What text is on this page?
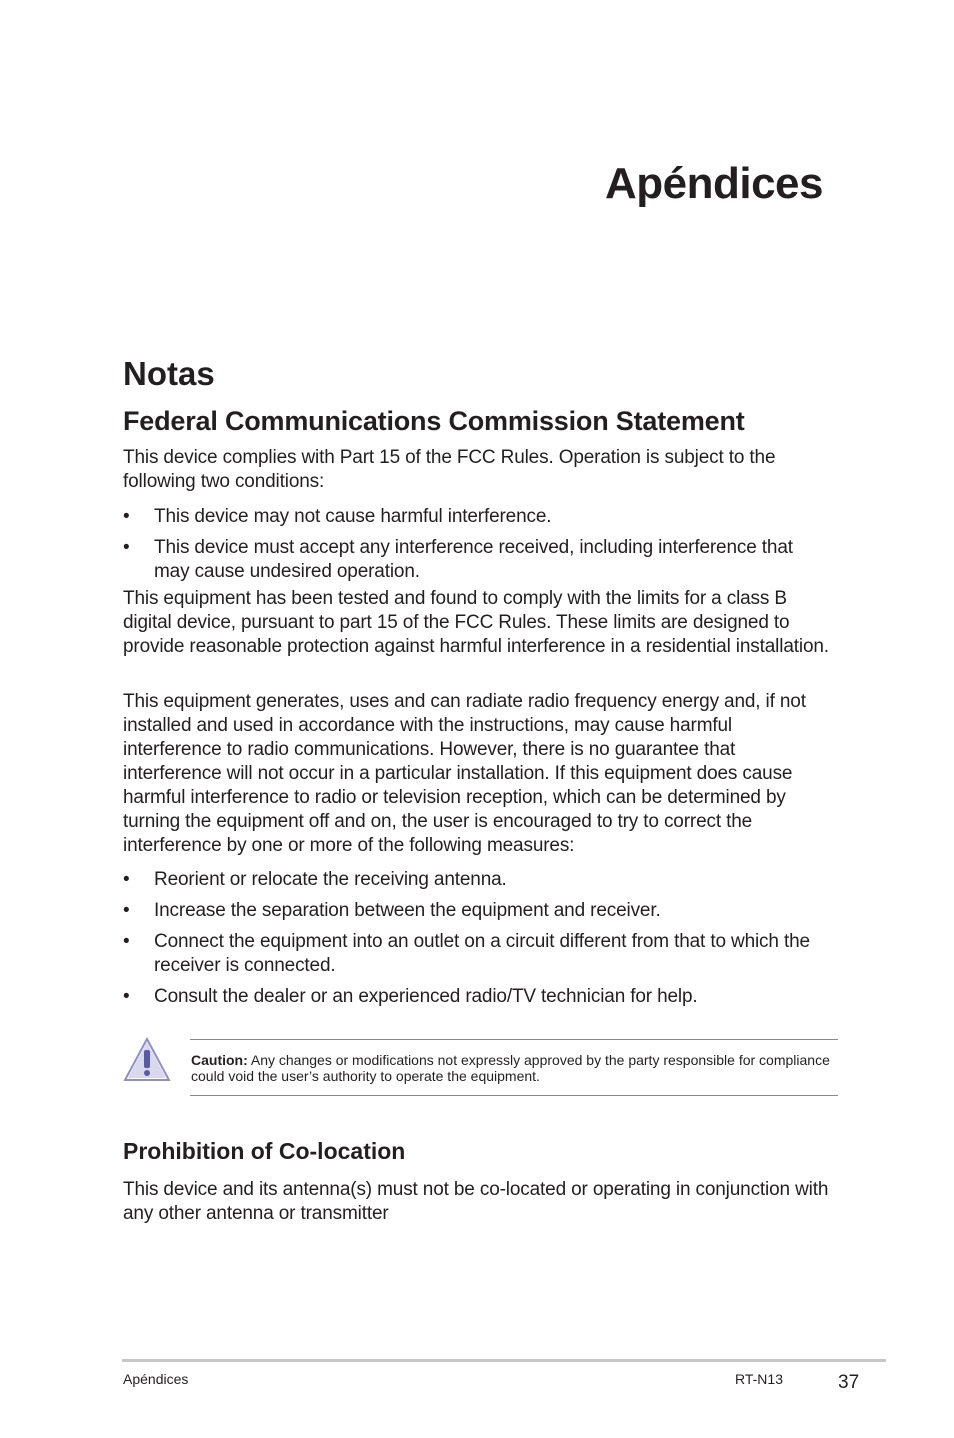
Apéndices
Notas
Federal Communications Commission Statement

This device complies with Part 15 of the FCC Rules. Operation is subject to the following two conditions:

• This device may not cause harmful interference.
• This device must accept any interference received, including interference that may cause undesired operation.

This equipment has been tested and found to comply with the limits for a class B digital device, pursuant to part 15 of the FCC Rules. These limits are designed to provide reasonable protection against harmful interference in a residential installation.

This equipment generates, uses and can radiate radio frequency energy and, if not installed and used in accordance with the instructions, may cause harmful interference to radio communications. However, there is no guarantee that interference will not occur in a particular installation. If this equipment does cause harmful interference to radio or television reception, which can be determined by turning the equipment off and on, the user is encouraged to try to correct the interference by one or more of the following measures:

• Reorient or relocate the receiving antenna.
• Increase the separation between the equipment and receiver.
• Connect the equipment into an outlet on a circuit different from that to which the receiver is connected.
• Consult the dealer or an experienced radio/TV technician for help.

Caution: Any changes or modifications not expressly approved by the party responsible for compliance could void the user’s authority to operate the equipment.

Prohibition of Co-location

This device and its antenna(s) must not be co-located or operating in conjunction with any other antenna or transmitter

Apéndices	RT-N13	37
